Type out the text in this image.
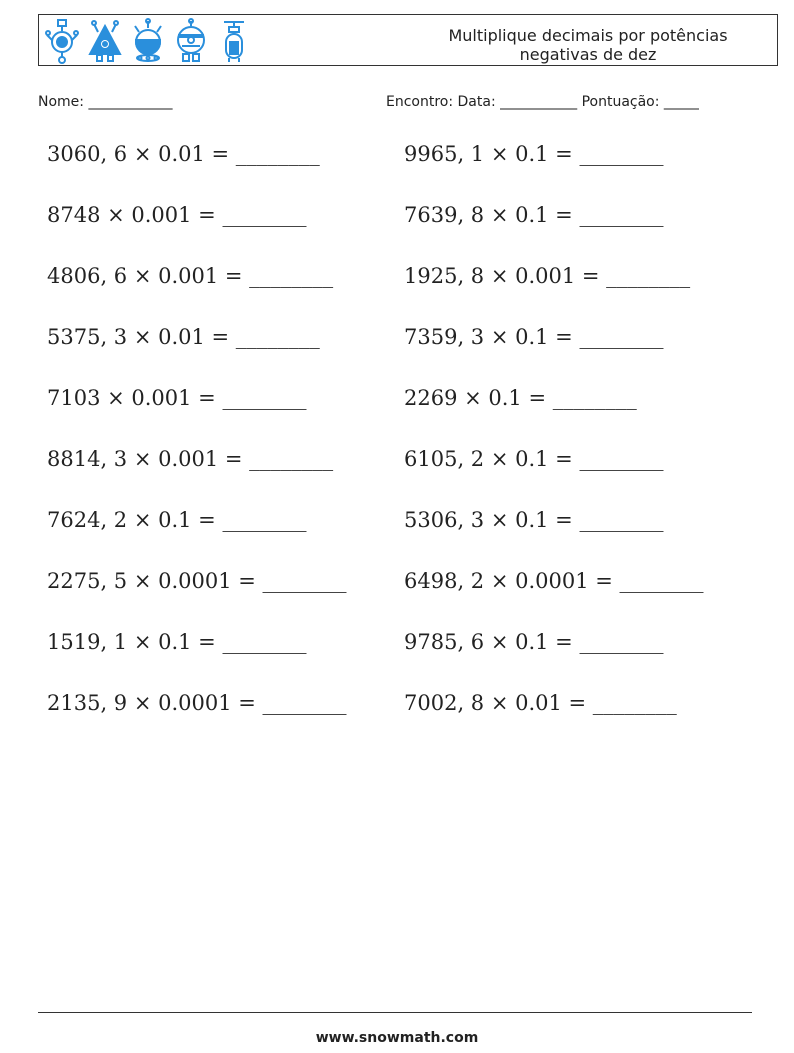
Multiplique decimais por potências
negativas de dez
Nome: ____________	Encontro: Data: ___________ Pontuação: _____
3060, 6 × 0.01 = ________	9965, 1 × 0.1 = ________
8748 × 0.001 = ________	7639, 8 × 0.1 = ________
4806, 6 × 0.001 = ________	1925, 8 × 0.001 = ________
5375, 3 × 0.01 = ________	7359, 3 × 0.1 = ________
7103 × 0.001 = ________	2269 × 0.1 = ________
8814, 3 × 0.001 = ________	6105, 2 × 0.1 = ________
7624, 2 × 0.1 = ________	5306, 3 × 0.1 = ________
2275, 5 × 0.0001 = ________	6498, 2 × 0.0001 = ________
1519, 1 × 0.1 = ________	9785, 6 × 0.1 = ________
2135, 9 × 0.0001 = ________	7002, 8 × 0.01 = ________
www.snowmath.com
